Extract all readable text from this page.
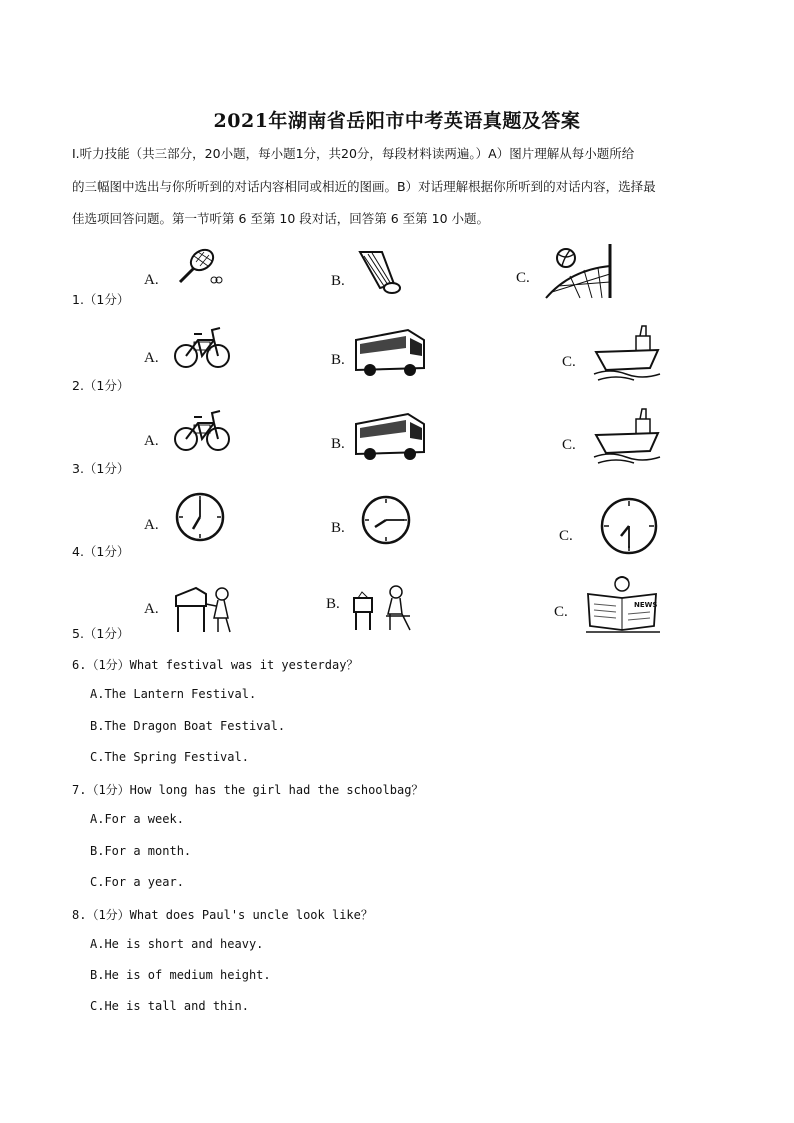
2021年湖南省岳阳市中考英语真题及答案
Ⅰ.听力技能（共三部分，20小题，每小题1分，共20分，每段材料读两遍。）A）图片理解从每小题所给
的三幅图中选出与你所听到的对话内容相同或相近的图画。B）对话理解根据你所听到的对话内容，选择最
佳选项回答问题。第一节听第 6 至第 10 段对话，回答第 6 至第 10 小题。
1.（1分）
A.	B.	C.
2.（1分）
A.	B.	C.
3.（1分）
A.	B.	C.
4.（1分）
A.	B.	C.
5.（1分）
A.	B.	C.	NEWS
6.（1分）What festival was it yesterday？
A.The Lantern Festival.
B.The Dragon Boat Festival.
C.The Spring Festival.
7.（1分）How long has the girl had the schoolbag？
A.For a week.
B.For a month.
C.For a year.
8.（1分）What does Paul's uncle look like？
A.He is short and heavy.
B.He is of medium height.
C.He is tall and thin.
